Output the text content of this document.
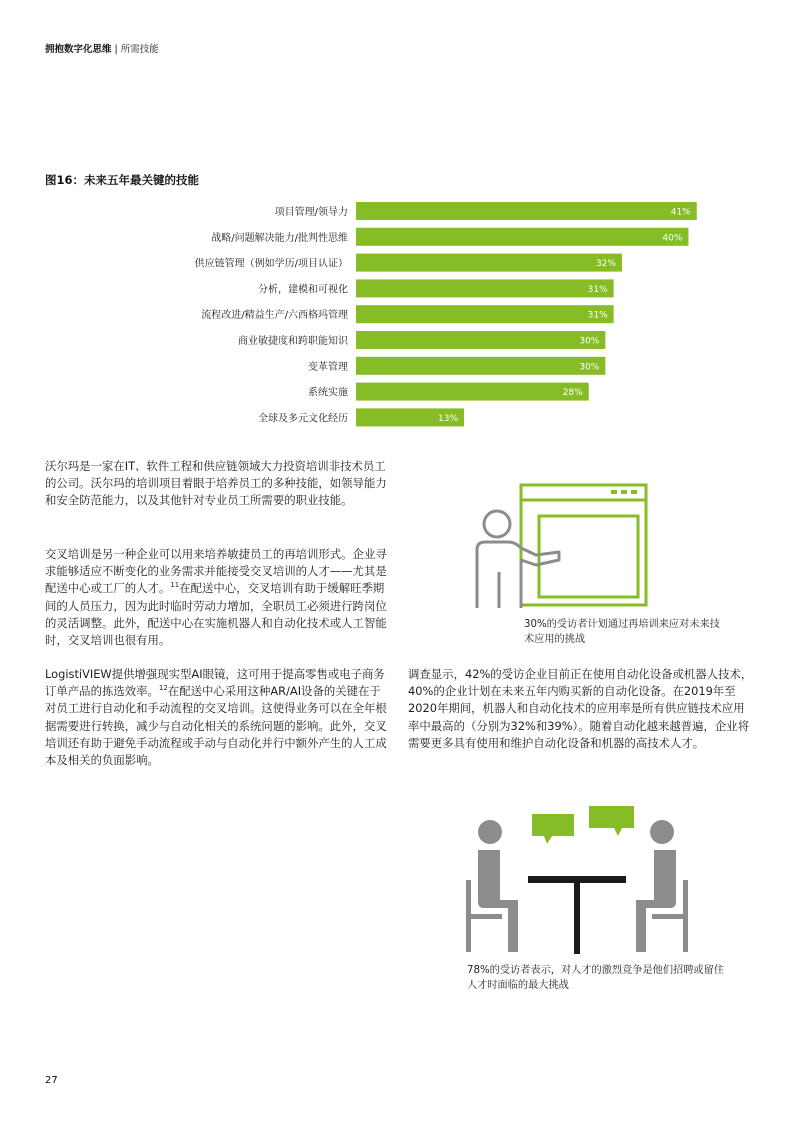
拥抱数字化思维 | 所需技能
图16：未来五年最关键的技能
项目管理/领导力	41%
战略/问题解决能力/批判性思维	40%
供应链管理（例如学历/项目认证）	32%
分析，建模和可视化	31%
流程改进/精益生产/六西格玛管理	31%
商业敏捷度和跨职能知识	30%
变革管理	30%
系统实施	28%
全球及多元文化经历	13%

沃尔玛是一家在IT、软件工程和供应链领域大力投资培训非技术员工的公司。沃尔玛的培训项目着眼于培养员工的多种技能，如领导能力和安全防范能力，以及其他针对专业员工所需要的职业技能。

交叉培训是另一种企业可以用来培养敏捷员工的再培训形式。企业寻求能够适应不断变化的业务需求并能接受交叉培训的人才——尤其是配送中心或工厂的人才。$^{11}$在配送中心，交叉培训有助于缓解旺季期间的人员压力，因为此时临时劳动力增加，全职员工必须进行跨岗位的灵活调整。此外，配送中心在实施机器人和自动化技术或人工智能时，交叉培训也很有用。

LogistiVIEW提供增强现实型AI眼镜，这可用于提高零售或电子商务订单产品的拣选效率。$^{12}$在配送中心采用这种AR/AI设备的关键在于对员工进行自动化和手动流程的交叉培训。这使得业务可以在全年根据需要进行转换，减少与自动化相关的系统问题的影响。此外，交叉培训还有助于避免手动流程或手动与自动化并行中额外产生的人工成本及相关的负面影响。

调查显示，42%的受访企业目前正在使用自动化设备或机器人技术，40%的企业计划在未来五年内购买新的自动化设备。在2019年至2020年期间，机器人和自动化技术的应用率是所有供应链技术应用率中最高的（分别为32%和39%）。随着自动化越来越普遍，企业将需要更多具有使用和维护自动化设备和机器的高技术人才。

30%的受访者计划通过再培训来应对未来技术应用的挑战
78%的受访者表示，对人才的激烈竞争是他们招聘或留住人才时面临的最大挑战
27
